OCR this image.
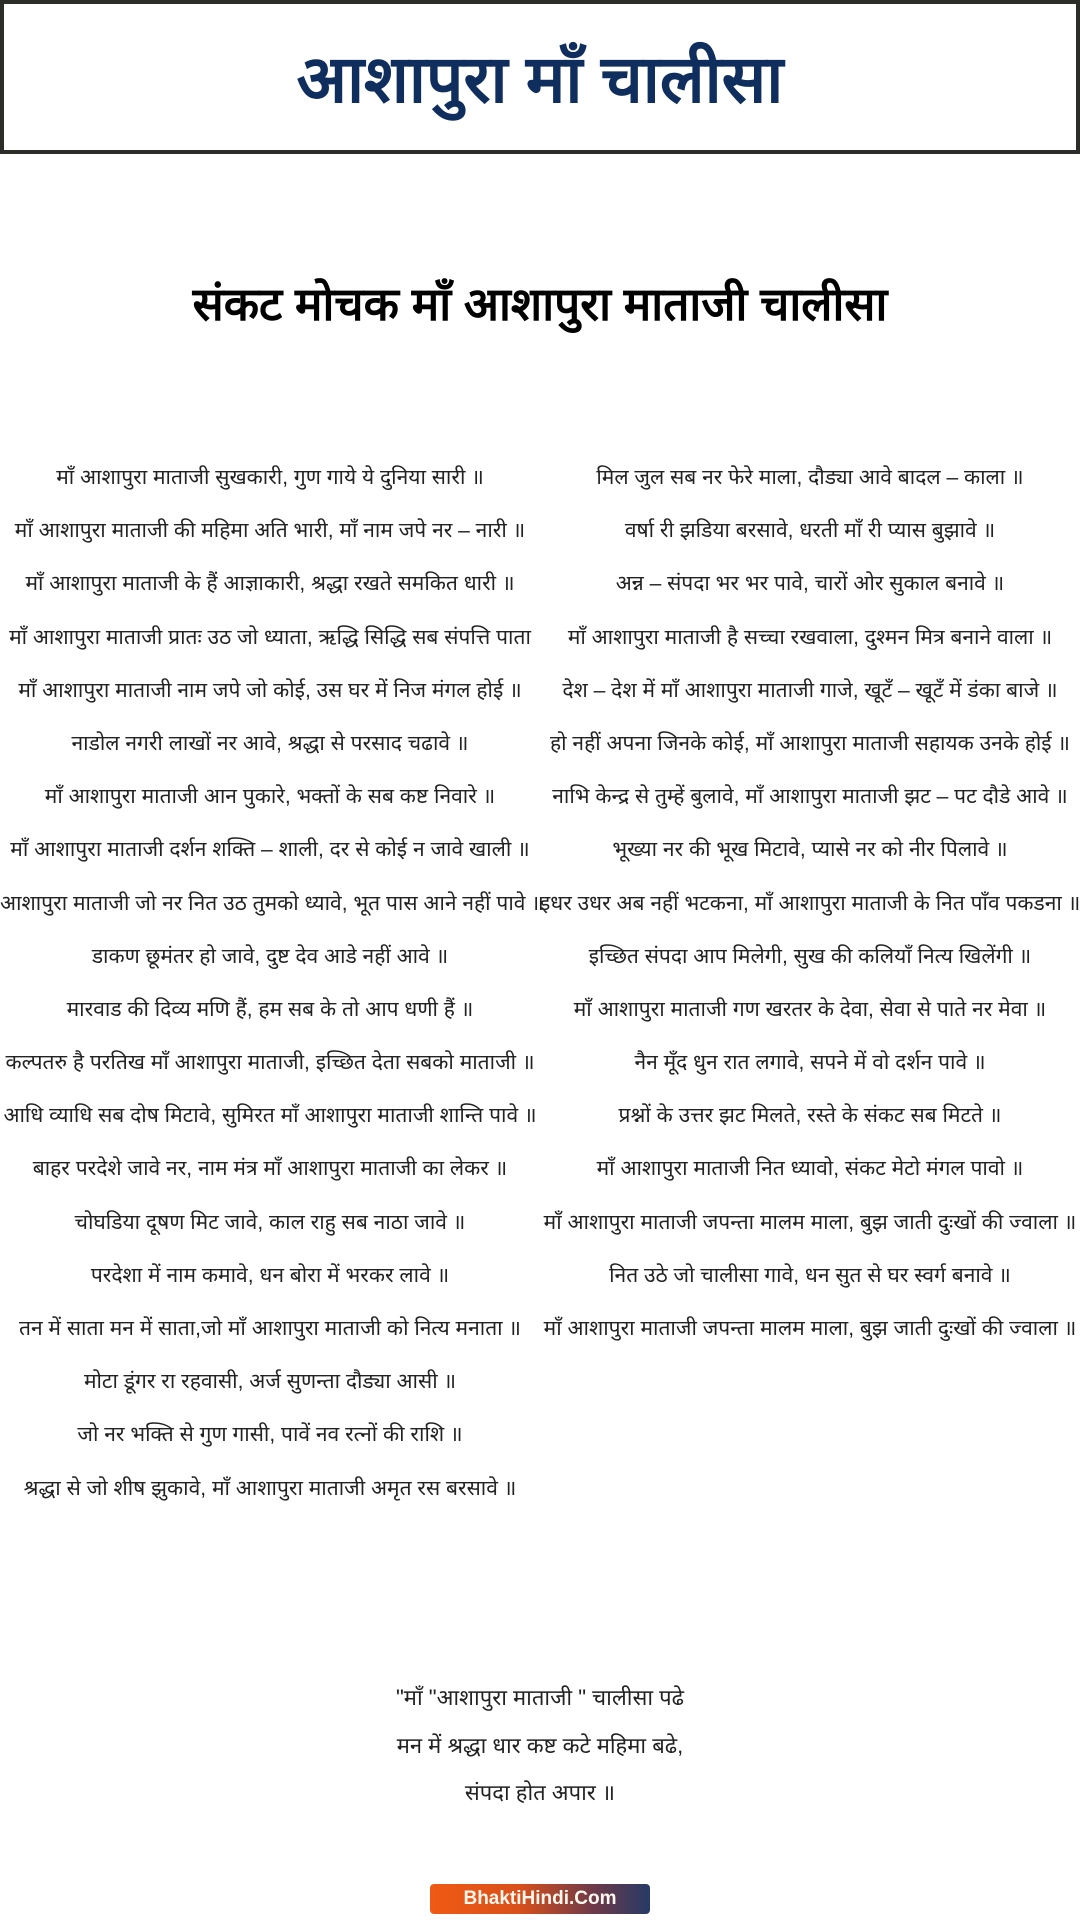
आशापुरा माँ चालीसा
संकट मोचक माँ आशापुरा माताजी चालीसा
माँ आशापुरा माताजी सुखकारी, गुण गाये ये दुनिया सारी ॥
माँ आशापुरा माताजी की महिमा अति भारी, माँ नाम जपे नर – नारी ॥
माँ आशापुरा माताजी के हैं आज्ञाकारी, श्रद्धा रखते समकित धारी ॥
माँ आशापुरा माताजी प्रातः उठ जो ध्याता, ऋद्धि सिद्धि सब संपत्ति पाता
माँ आशापुरा माताजी नाम जपे जो कोई, उस घर में निज मंगल होई ॥
नाडोल नगरी लाखों नर आवे, श्रद्धा से परसाद चढावे ॥
माँ आशापुरा माताजी आन पुकारे, भक्तों के सब कष्ट निवारे ॥
माँ आशापुरा माताजी दर्शन शक्ति – शाली, दर से कोई न जावे खाली ॥
आशापुरा माताजी जो नर नित उठ तुमको ध्यावे, भूत पास आने नहीं पावे ॥
डाकण छूमंतर हो जावे, दुष्ट देव आडे नहीं आवे ॥
मारवाड की दिव्य मणि हैं, हम सब के तो आप धणी हैं ॥
कल्पतरु है परतिख माँ आशापुरा माताजी, इच्छित देता सबको माताजी ॥
आधि व्याधि सब दोष मिटावे, सुमिरत माँ आशापुरा माताजी शान्ति पावे ॥
बाहर परदेशे जावे नर, नाम मंत्र माँ आशापुरा माताजी का लेकर ॥
चोघडिया दूषण मिट जावे, काल राहु सब नाठा जावे ॥
परदेशा में नाम कमावे, धन बोरा में भरकर लावे ॥
तन में साता मन में साता,जो माँ आशापुरा माताजी को नित्य मनाता ॥
मोटा डूंगर रा रहवासी, अर्ज सुणन्ता दौड्या आसी ॥
जो नर भक्ति से गुण गासी, पावें नव रत्नों की राशि ॥
श्रद्धा से जो शीष झुकावे, माँ आशापुरा माताजी अमृत रस बरसावे ॥
मिल जुल सब नर फेरे माला, दौड्या आवे बादल – काला ॥
वर्षा री झडिया बरसावे, धरती माँ री प्यास बुझावे ॥
अन्न – संपदा भर भर पावे, चारों ओर सुकाल बनावे ॥
माँ आशापुरा माताजी है सच्चा रखवाला, दुश्मन मित्र बनाने वाला ॥
देश – देश में माँ आशापुरा माताजी गाजे, खूटँ – खूटँ में डंका बाजे ॥
हो नहीं अपना जिनके कोई, माँ आशापुरा माताजी सहायक उनके होई ॥
नाभि केन्द्र से तुम्हें बुलावे, माँ आशापुरा माताजी झट – पट दौडे आवे ॥
भूख्या नर की भूख मिटावे, प्यासे नर को नीर पिलावे ॥
इधर उधर अब नहीं भटकना, माँ आशापुरा माताजी के नित पाँव पकडना ॥
इच्छित संपदा आप मिलेगी, सुख की कलियाँ नित्य खिलेंगी ॥
माँ आशापुरा माताजी गण खरतर के देवा, सेवा से पाते नर मेवा ॥
नैन मूँद धुन रात लगावे, सपने में वो दर्शन पावे ॥
प्रश्नों के उत्तर झट मिलते, रस्ते के संकट सब मिटते ॥
माँ आशापुरा माताजी नित ध्यावो, संकट मेटो मंगल पावो ॥
माँ आशापुरा माताजी जपन्ता मालम माला, बुझ जाती दुःखों की ज्वाला ॥
नित उठे जो चालीसा गावे, धन सुत से घर स्वर्ग बनावे ॥
माँ आशापुरा माताजी जपन्ता मालम माला, बुझ जाती दुःखों की ज्वाला ॥
"माँ "आशापुरा माताजी " चालीसा पढे
मन में श्रद्धा धार कष्ट कटे महिमा बढे,
संपदा होत अपार ॥
BhaktiHindi.Com
